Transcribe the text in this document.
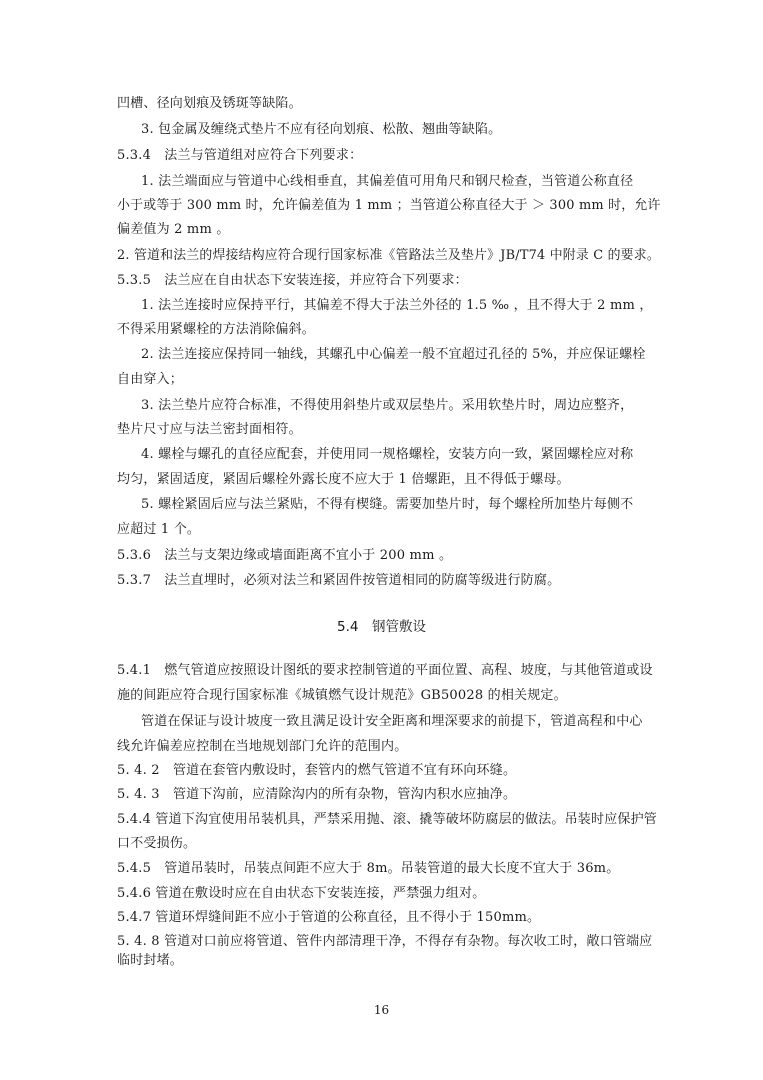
凹槽、径向划痕及锈斑等缺陷。
3. 包金属及缠绕式垫片不应有径向划痕、松散、翘曲等缺陷。
5.3.4　法兰与管道组对应符合下列要求：
1. 法兰端面应与管道中心线相垂直，其偏差值可用角尺和钢尺检查，当管道公称直径
小于或等于 300 mm 时，允许偏差值为 1 mm ；当管道公称直径大于 ＞ 300 mm 时，允许
偏差值为 2 mm 。
2. 管道和法兰的焊接结构应符合现行国家标准《管路法兰及垫片》JB/T74 中附录 C 的要求。
5.3.5　法兰应在自由状态下安装连接，并应符合下列要求：
1. 法兰连接时应保持平行，其偏差不得大于法兰外径的 1.5 ‰ ，且不得大于 2 mm ，
不得采用紧螺栓的方法消除偏斜。
2. 法兰连接应保持同一轴线，其螺孔中心偏差一般不宜超过孔径的 5%，并应保证螺栓
自由穿入；
3. 法兰垫片应符合标准，不得使用斜垫片或双层垫片。采用软垫片时，周边应整齐，
垫片尺寸应与法兰密封面相符。
4. 螺栓与螺孔的直径应配套，并使用同一规格螺栓，安装方向一致，紧固螺栓应对称
均匀，紧固适度，紧固后螺栓外露长度不应大于 1 倍螺距，且不得低于螺母。
5. 螺栓紧固后应与法兰紧贴，不得有楔缝。需要加垫片时，每个螺栓所加垫片每侧不
应超过 1 个。
5.3.6　法兰与支架边缘或墙面距离不宜小于 200 mm 。
5.3.7　法兰直埋时，必须对法兰和紧固件按管道相同的防腐等级进行防腐。
5.4　钢管敷设
5.4.1　燃气管道应按照设计图纸的要求控制管道的平面位置、高程、坡度，与其他管道或设
施的间距应符合现行国家标准《城镇燃气设计规范》GB50028 的相关规定。
管道在保证与设计坡度一致且满足设计安全距离和埋深要求的前提下，管道高程和中心
线允许偏差应控制在当地规划部门允许的范围内。
5. 4. 2　管道在套管内敷设时，套管内的燃气管道不宜有环向环缝。
5. 4. 3　管道下沟前，应清除沟内的所有杂物，管沟内积水应抽净。
5.4.4 管道下沟宜使用吊装机具，严禁采用抛、滚、撬等破坏防腐层的做法。吊装时应保护管
口不受损伤。
5.4.5　管道吊装时，吊装点间距不应大于 8m。吊装管道的最大长度不宜大于 36m。
5.4.6 管道在敷设时应在自由状态下安装连接，严禁强力组对。
5.4.7 管道环焊缝间距不应小于管道的公称直径，且不得小于 150mm。
5. 4. 8 管道对口前应将管道、管件内部清理干净，不得存有杂物。每次收工时，敞口管端应
临时封堵。
16
